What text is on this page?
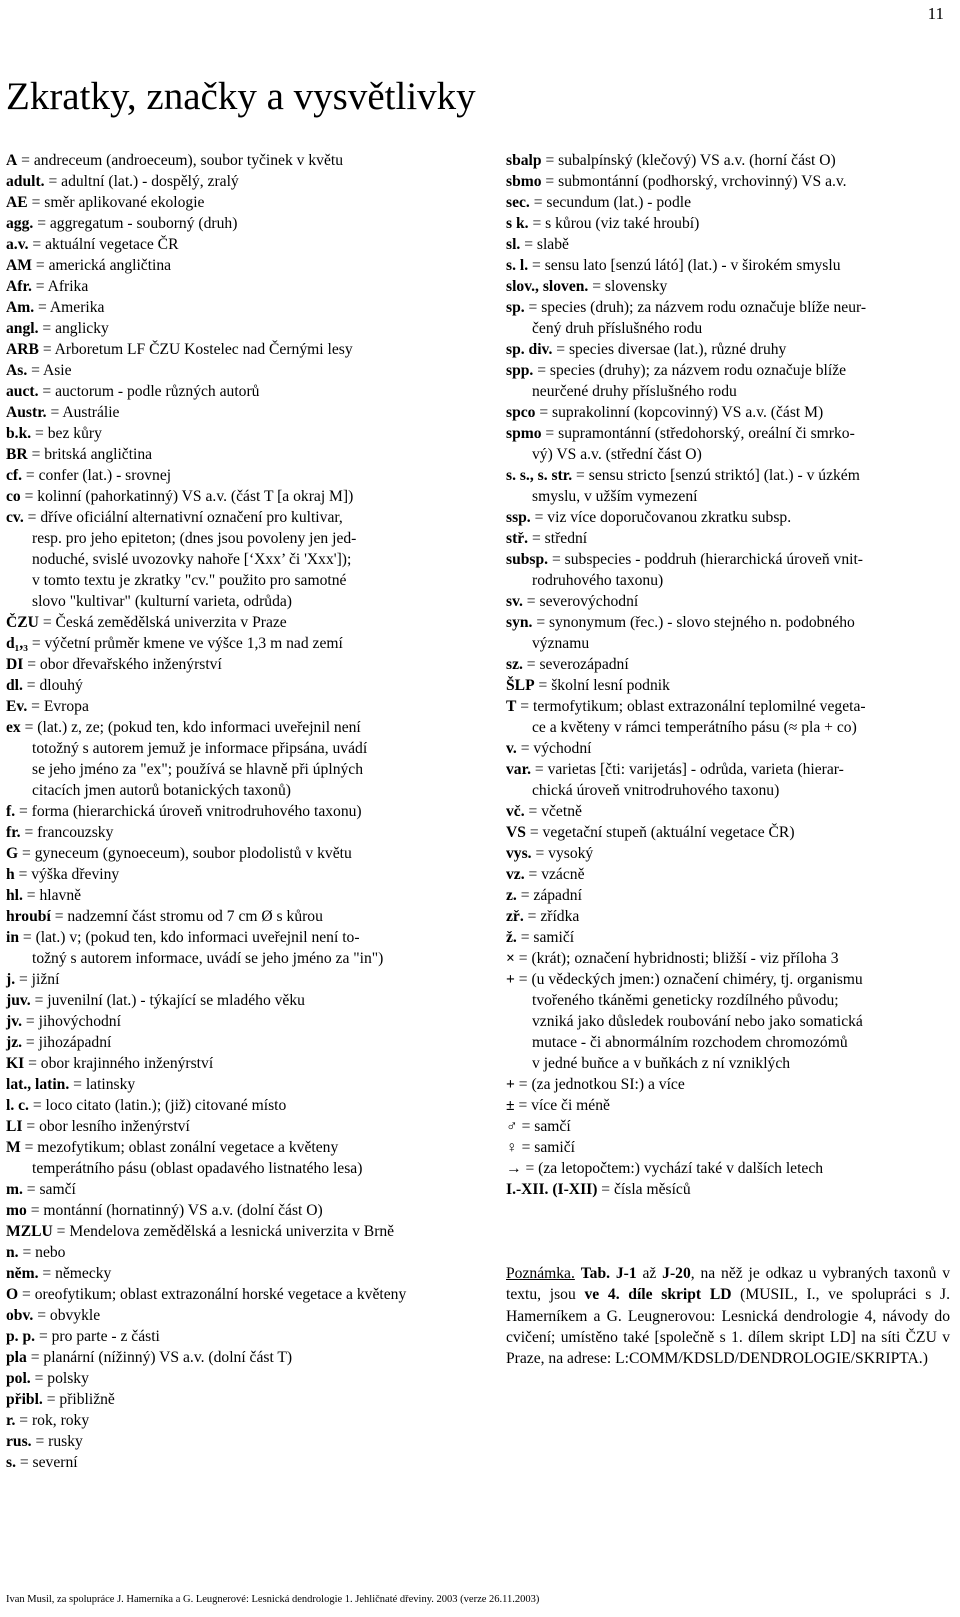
11
Zkratky, značky a vysvětlivky
A = andreceum (androeceum), soubor tyčinek v květu
adult. = adultní (lat.) - dospělý, zralý
AE = směr aplikované ekologie
agg. = aggregatum - souborný (druh)
a.v. = aktuální vegetace ČR
AM = americká angličtina
Afr. = Afrika
Am. = Amerika
angl. = anglicky
ARB = Arboretum LF ČZU Kostelec nad Černými lesy
As. = Asie
auct. = auctorum - podle různých autorů
Austr. = Austrálie
b.k. = bez kůry
BR = britská angličtina
cf. = confer (lat.) - srovnej
co = kolinní (pahorkatinný) VS a.v. (část T [a okraj M])
cv. = dříve oficiální alternativní označení pro kultivar,
resp. pro jeho epiteton; (dnes jsou povoleny jen jed-
noduché, svislé uvozovky nahoře [‘Xxx’ či 'Xxx']);
v tomto textu je zkratky "cv." použito pro samotné
slovo "kultivar" (kulturní varieta, odrůda)
ČZU = Česká zemědělská univerzita v Praze
d₁,₃ = výčetní průměr kmene ve výšce 1,3 m nad zemí
DI = obor dřevařského inženýrství
dl. = dlouhý
Ev. = Evropa
ex = (lat.) z, ze; (pokud ten, kdo informaci uveřejnil není
totožný s autorem jemuž je informace připsána, uvádí
se jeho jméno za "ex"; používá se hlavně při úplných
citacích jmen autorů botanických taxonů)
f. = forma (hierarchická úroveň vnitrodruhového taxonu)
fr. = francouzsky
G = gyneceum (gynoeceum), soubor plodolistů v květu
h = výška dřeviny
hl. = hlavně
hroubí = nadzemní část stromu od 7 cm Ø s kůrou
in = (lat.) v; (pokud ten, kdo informaci uveřejnil není to-
tožný s autorem informace, uvádí se jeho jméno za "in")
j. = jižní
juv. = juvenilní (lat.) - týkající se mladého věku
jv. = jihovýchodní
jz. = jihozápadní
KI = obor krajinného inženýrství
lat., latin. = latinsky
l. c. = loco citato (latin.); (již) citované místo
LI = obor lesního inženýrství
M = mezofytikum; oblast zonální vegetace a květeny
temperátního pásu (oblast opadavého listnatého lesa)
m. = samčí
mo = montánní (hornatinný) VS a.v. (dolní část O)
MZLU = Mendelova zemědělská a lesnická univerzita v Brně
n. = nebo
něm. = německy
O = oreofytikum; oblast extrazonální horské vegetace a květeny
obv. = obvykle
p. p. = pro parte - z části
pla = planární (nížinný) VS a.v. (dolní část T)
pol. = polsky
přibl. = přibližně
r. = rok, roky
rus. = rusky
s. = severní
sbalp = subalpínský (klečový) VS a.v. (horní část O)
sbmo = submontánní (podhorský, vrchovinný) VS a.v.
sec. = secundum (lat.) - podle
s k. = s kůrou (viz také hroubí)
sl. = slabě
s. l. = sensu lato [senzú látó] (lat.) - v širokém smyslu
slov., sloven. = slovensky
sp. = species (druh); za názvem rodu označuje blíže neur-
čený druh příslušného rodu
sp. div. = species diversae (lat.), různé druhy
spp. = species (druhy); za názvem rodu označuje blíže
neurčené druhy příslušného rodu
spco = suprakolinní (kopcovinný) VS a.v. (část M)
spmo = supramontánní (středohorský, oreální či smrko-
vý) VS a.v. (střední část O)
s. s., s. str. = sensu stricto [senzú striktó] (lat.) - v úzkém
smyslu, v užším vymezení
ssp. = viz více doporučovanou zkratku subsp.
stř. = střední
subsp. = subspecies - poddruh (hierarchická úroveň vnit-
rodruhového taxonu)
sv. = severovýchodní
syn. = synonymum (řec.) - slovo stejného n. podobného
významu
sz. = severozápadní
ŠLP = školní lesní podnik
T = termofytikum; oblast extrazonální teplomilné vegeta-
ce a květeny v rámci temperátního pásu (≈ pla + co)
v. = východní
var. = varietas [čti: varijetás] - odrůda, varieta (hierar-
chická úroveň vnitrodruhového taxonu)
vč. = včetně
VS = vegetační stupeň (aktuální vegetace ČR)
vys. = vysoký
vz. = vzácně
z. = západní
zř. = zřídka
ž. = samičí
× = (krát); označení hybridnosti; bližší - viz příloha 3
+ = (u vědeckých jmen:) označení chiméry, tj. organismu
tvořeného tkáněmi geneticky rozdílného původu;
vzniká jako důsledek roubování nebo jako somatická
mutace - či abnormálním rozchodem chromozómů
v jedné buňce a v buňkách z ní vzniklých
+ = (za jednotkou SI:) a více
± = více či méně
♂ = samčí
♀ = samičí
→ = (za letopočtem:) vychází také v dalších letech
I.-XII. (I-XII) = čísla měsíců
Poznámka. Tab. J-1 až J-20, na něž je odkaz u vybraných taxonů v textu, jsou ve 4. díle skript LD (MUSIL, I., ve spolupráci s J. Hamerníkem a G. Leugnerovou: Lesnická dendrologie 4, návody do cvičení; umístěno také [společně s 1. dílem skript LD] na síti ČZU v Praze, na adrese: L:COMM/KDSLD/DENDROLOGIE/SKRIPTA.)
Ivan Musil, za spolupráce J. Hamerníka a G. Leugnerové: Lesnická dendrologie 1. Jehličnaté dřeviny. 2003 (verze 26.11.2003)
